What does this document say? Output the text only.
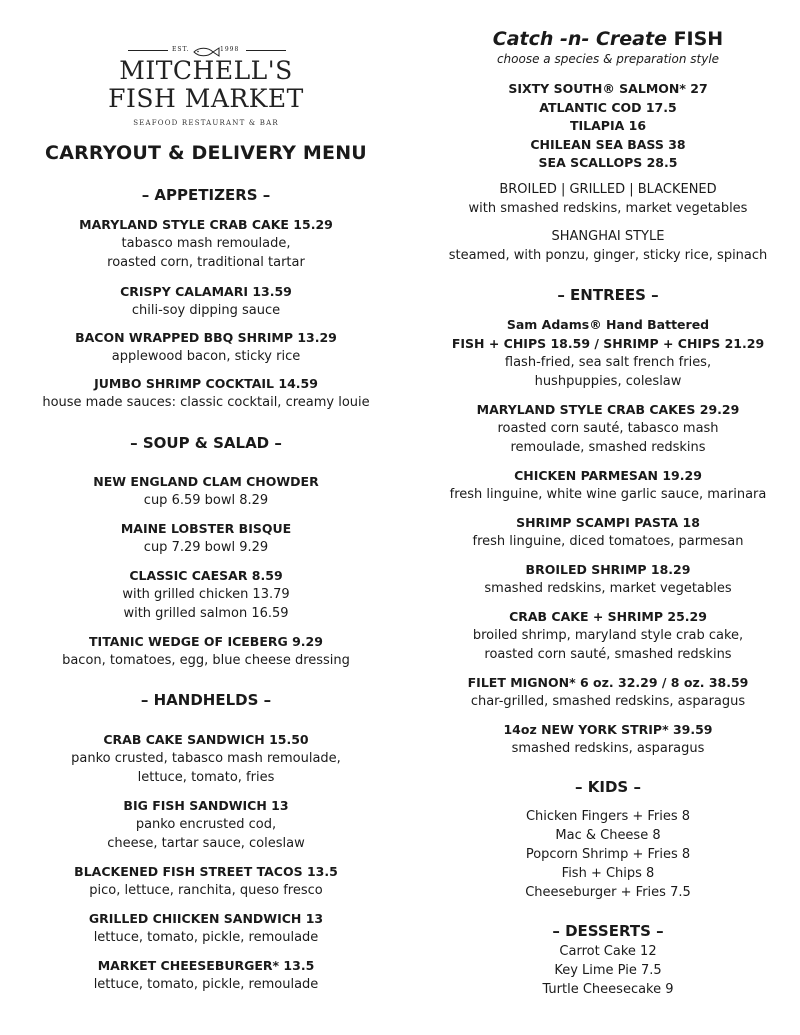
EST.	1998
MITCHELL'S
FISH MARKET
SEAFOOD RESTAURANT & BAR
CARRYOUT & DELIVERY MENU
– APPETIZERS –
MARYLAND STYLE CRAB CAKE 15.29
tabasco mash remoulade,
roasted corn, traditional tartar
CRISPY CALAMARI 13.59
chili-soy dipping sauce
BACON WRAPPED BBQ SHRIMP 13.29
applewood bacon, sticky rice
JUMBO SHRIMP COCKTAIL 14.59
house made sauces: classic cocktail, creamy louie
– SOUP & SALAD –
NEW ENGLAND CLAM CHOWDER
cup 6.59 bowl 8.29
MAINE LOBSTER BISQUE
cup 7.29 bowl 9.29
CLASSIC CAESAR 8.59
with grilled chicken 13.79
with grilled salmon 16.59
TITANIC WEDGE OF ICEBERG 9.29
bacon, tomatoes, egg, blue cheese dressing
– HANDHELDS –
CRAB CAKE SANDWICH 15.50
panko crusted, tabasco mash remoulade,
lettuce, tomato, fries
BIG FISH SANDWICH 13
panko encrusted cod,
cheese, tartar sauce, coleslaw
BLACKENED FISH STREET TACOS 13.5
pico, lettuce, ranchita, queso fresco
GRILLED CHIICKEN SANDWICH 13
lettuce, tomato, pickle, remoulade
MARKET CHEESEBURGER* 13.5
lettuce, tomato, pickle, remoulade
Catch -n- Create FISH
choose a species & preparation style
SIXTY SOUTH® SALMON* 27
ATLANTIC COD 17.5
TILAPIA 16
CHILEAN SEA BASS 38
SEA SCALLOPS 28.5
BROILED | GRILLED | BLACKENED
with smashed redskins, market vegetables
SHANGHAI STYLE
steamed, with ponzu, ginger, sticky rice, spinach
– ENTREES –
Sam Adams® Hand Battered
FISH + CHIPS 18.59 / SHRIMP + CHIPS 21.29
flash-fried, sea salt french fries,
hushpuppies, coleslaw
MARYLAND STYLE CRAB CAKES 29.29
roasted corn sauté, tabasco mash
remoulade, smashed redskins
CHICKEN PARMESAN 19.29
fresh linguine, white wine garlic sauce, marinara
SHRIMP SCAMPI PASTA 18
fresh linguine, diced tomatoes, parmesan
BROILED SHRIMP 18.29
smashed redskins, market vegetables
CRAB CAKE + SHRIMP 25.29
broiled shrimp, maryland style crab cake,
roasted corn sauté, smashed redskins
FILET MIGNON* 6 oz. 32.29 / 8 oz. 38.59
char-grilled, smashed redskins, asparagus
14oz NEW YORK STRIP* 39.59
smashed redskins, asparagus
– KIDS –
Chicken Fingers + Fries 8
Mac & Cheese 8
Popcorn Shrimp + Fries 8
Fish + Chips 8
Cheeseburger + Fries 7.5
– DESSERTS –
Carrot Cake 12
Key Lime Pie 7.5
Turtle Cheesecake 9
